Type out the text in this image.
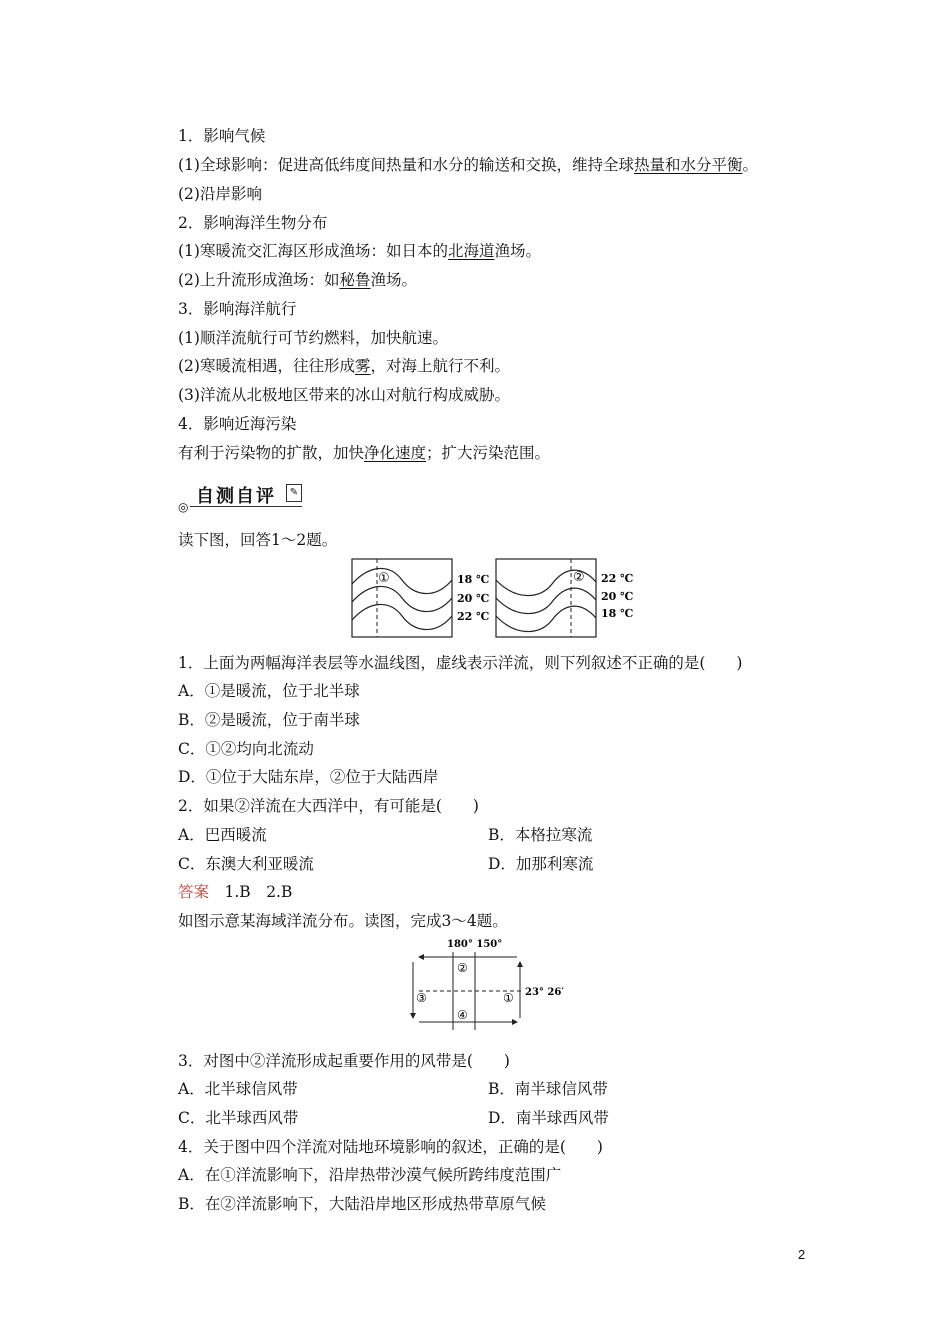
1．影响气候
(1)全球影响：促进高低纬度间热量和水分的输送和交换，维持全球热量和水分平衡。
(2)沿岸影响
2．影响海洋生物分布
(1)寒暖流交汇海区形成渔场：如日本的北海道渔场。
(2)上升流形成渔场：如秘鲁渔场。
3．影响海洋航行
(1)顺洋流航行可节约燃料，加快航速。
(2)寒暖流相遇，往往形成雾，对海上航行不利。
(3)洋流从北极地区带来的冰山对航行构成威胁。
4．影响近海污染
有利于污染物的扩散，加快净化速度；扩大污染范围。
自测自评
◎
✎
读下图，回答1～2题。
①	18 ℃
20 ℃
22 ℃
② 22 ℃
20 ℃
18 ℃
1．上面为两幅海洋表层等水温线图，虚线表示洋流，则下列叙述不正确的是(　　)
A．①是暖流，位于北半球
B．②是暖流，位于南半球
C．①②均向北流动
D．①位于大陆东岸，②位于大陆西岸
2．如果②洋流在大西洋中，有可能是(　　)
A．巴西暖流	B．本格拉寒流
C．东澳大利亚暖流	D．加那利寒流
答案　1.B　2.B
如图示意某海域洋流分布。读图，完成3～4题。
180° 150°
②
③	①
④
23° 26′
3．对图中②洋流形成起重要作用的风带是(　　)
A．北半球信风带	B．南半球信风带
C．北半球西风带	D．南半球西风带
4．关于图中四个洋流对陆地环境影响的叙述，正确的是(　　)
A．在①洋流影响下，沿岸热带沙漠气候所跨纬度范围广
B．在②洋流影响下，大陆沿岸地区形成热带草原气候
2
